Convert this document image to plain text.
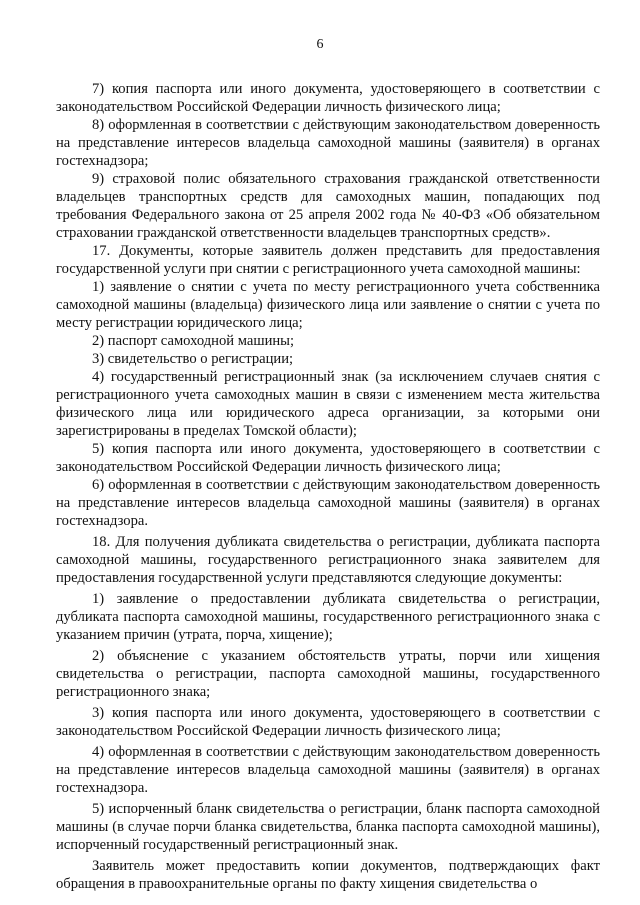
6

7) копия паспорта или иного документа, удостоверяющего в соответствии с законодательством Российской Федерации личность физического лица;

8) оформленная в соответствии с действующим законодательством доверенность на представление интересов владельца самоходной машины (заявителя) в органах гостехнадзора;

9) страховой полис обязательного страхования гражданской ответственности владельцев транспортных средств для самоходных машин, попадающих под требования Федерального закона от 25 апреля 2002 года № 40-ФЗ «Об обязательном страховании гражданской ответственности владельцев транспортных средств».

17. Документы, которые заявитель должен представить для предоставления государственной услуги при снятии с регистрационного учета самоходной машины:

1) заявление о снятии с учета по месту регистрационного учета собственника самоходной машины (владельца) физического лица или заявление о снятии с учета по месту регистрации юридического лица;

2) паспорт самоходной машины;

3) свидетельство о регистрации;

4) государственный регистрационный знак (за исключением случаев снятия с регистрационного учета самоходных машин в связи с изменением места жительства физического лица или юридического адреса организации, за которыми они зарегистрированы в пределах Томской области);

5) копия паспорта или иного документа, удостоверяющего в соответствии с законодательством Российской Федерации личность физического лица;

6) оформленная в соответствии с действующим законодательством доверенность на представление интересов владельца самоходной машины (заявителя) в органах гостехнадзора.

18. Для получения дубликата свидетельства о регистрации, дубликата паспорта самоходной машины, государственного регистрационного знака заявителем для предоставления государственной услуги представляются следующие документы:

1) заявление о предоставлении дубликата свидетельства о регистрации, дубликата паспорта самоходной машины, государственного регистрационного знака с указанием причин (утрата, порча, хищение);

2) объяснение с указанием обстоятельств утраты, порчи или хищения свидетельства о регистрации, паспорта самоходной машины, государственного регистрационного знака;

3) копия паспорта или иного документа, удостоверяющего в соответствии с законодательством Российской Федерации личность физического лица;

4) оформленная в соответствии с действующим законодательством доверенность на представление интересов владельца самоходной машины (заявителя) в органах гостехнадзора.

5) испорченный бланк свидетельства о регистрации, бланк паспорта самоходной машины (в случае порчи бланка свидетельства, бланка паспорта самоходной машины), испорченный государственный регистрационный знак.

Заявитель может предоставить копии документов, подтверждающих факт обращения в правоохранительные органы по факту хищения свидетельства о
